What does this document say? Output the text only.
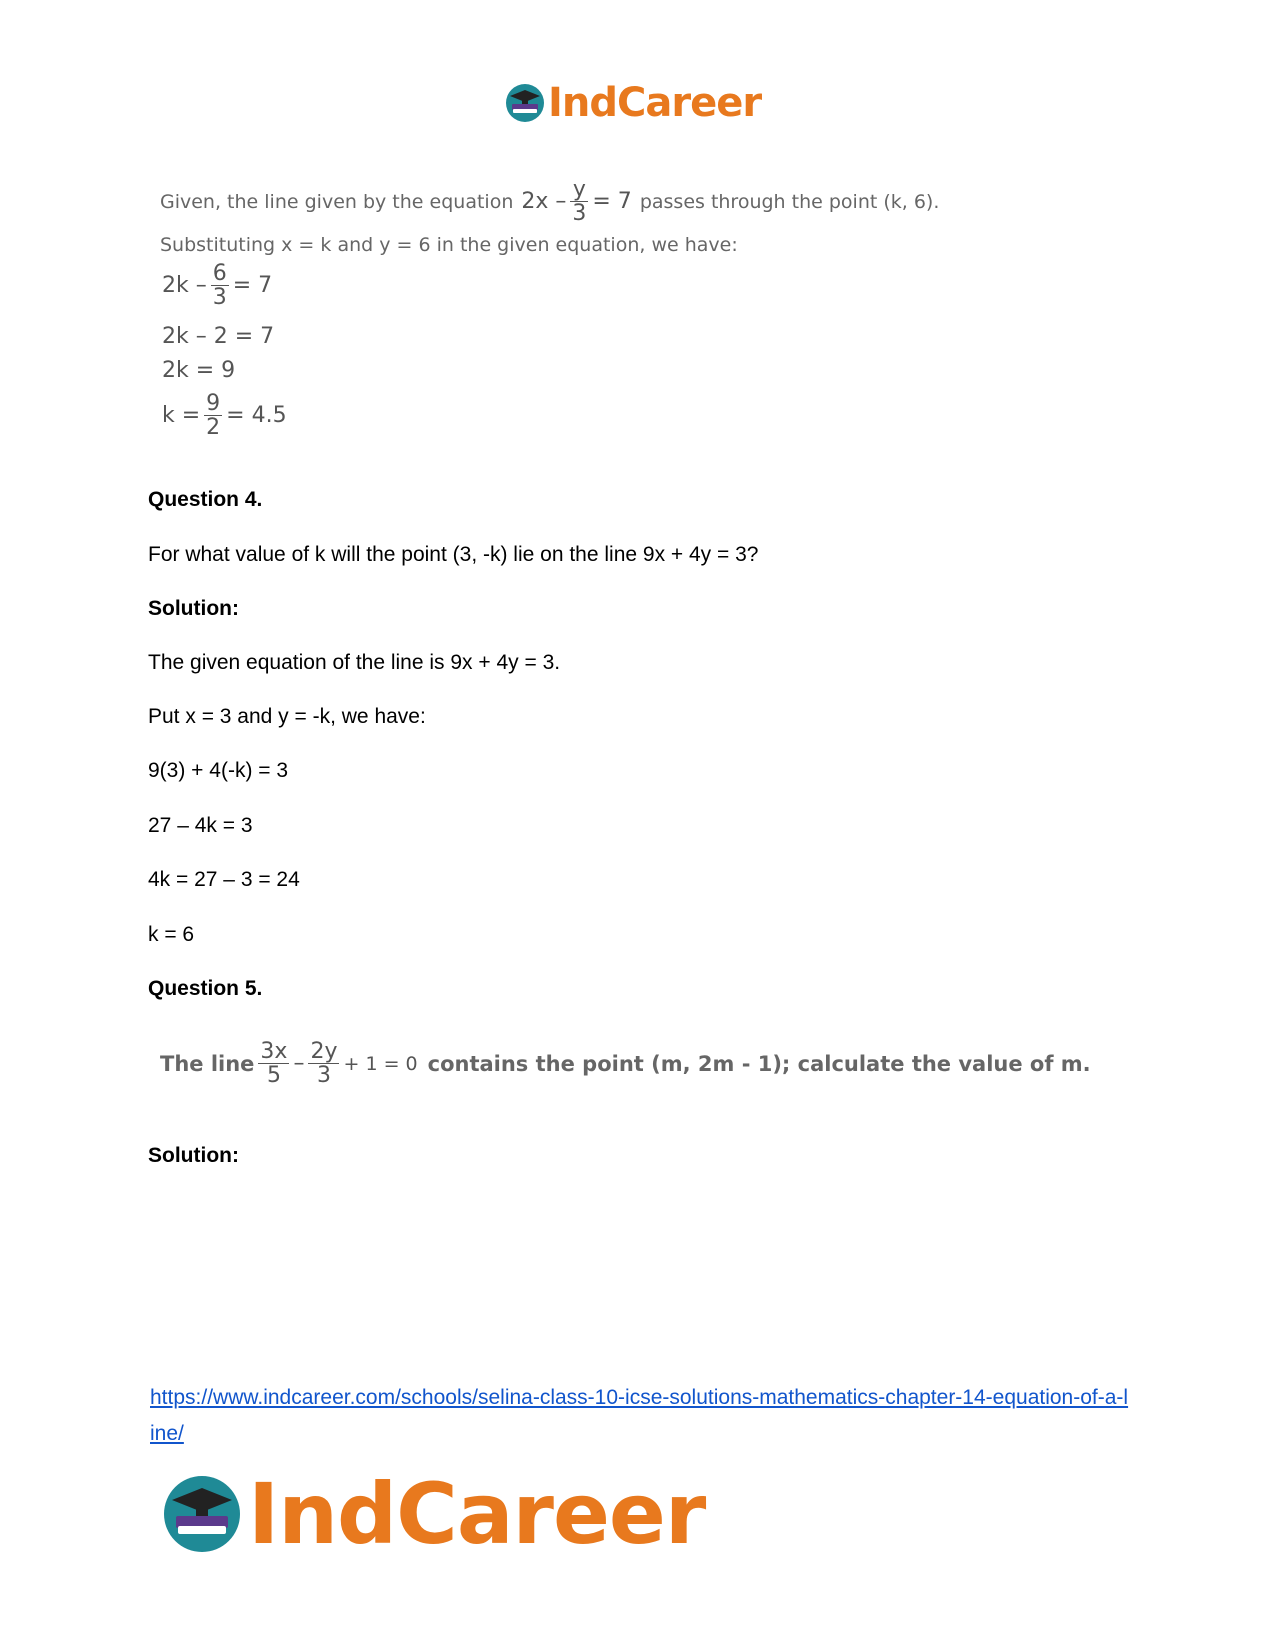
IndCareer
Given, the line given by the equation $2x - \frac{y}{3} = 7$ passes through the point (k, 6).
Substituting x = k and y = 6 in the given equation, we have:
$2k - \frac{6}{3} = 7$
2k – 2 = 7
2k = 9
$k = \frac{9}{2} = 4.5$
Question 4.
For what value of k will the point (3, -k) lie on the line 9x + 4y = 3?
Solution:
The given equation of the line is 9x + 4y = 3.
Put x = 3 and y = -k, we have:
9(3) + 4(-k) = 3
27 – 4k = 3
4k = 27 – 3 = 24
k = 6
Question 5.
The line $\frac{3x}{5} - \frac{2y}{3} + 1 = 0$ contains the point (m, 2m - 1); calculate the value of m.
Solution:
https://www.indcareer.com/schools/selina-class-10-icse-solutions-mathematics-chapter-14-equation-of-a-line/
IndCareer
